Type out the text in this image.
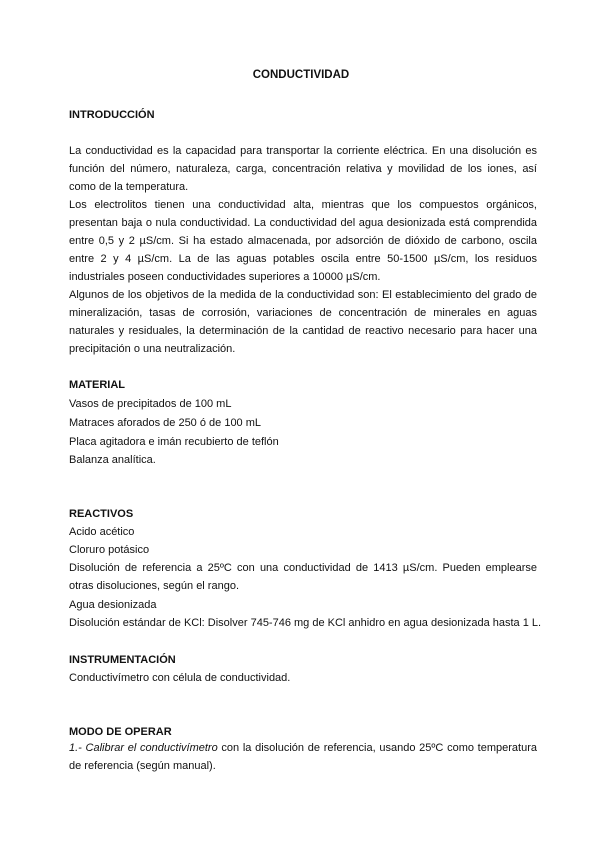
CONDUCTIVIDAD
INTRODUCCIÓN

La conductividad es la capacidad para transportar la corriente eléctrica. En una disolución es función del número, naturaleza, carga, concentración relativa y movilidad de los iones, así como de la temperatura.

Los electrolitos tienen una conductividad alta, mientras que los compuestos orgánicos, presentan baja o nula conductividad. La conductividad del agua desionizada está comprendida entre 0,5 y 2 µS/cm. Si ha estado almacenada, por adsorción de dióxido de carbono, oscila entre 2 y 4 µS/cm. La de las aguas potables oscila entre 50-1500 µS/cm, los residuos industriales poseen conductividades superiores a 10000 µS/cm.

Algunos de los objetivos de la medida de la conductividad son: El establecimiento del grado de mineralización, tasas de corrosión, variaciones de concentración de minerales en aguas naturales y residuales, la determinación de la cantidad de reactivo necesario para hacer una precipitación o una neutralización.

MATERIAL
Vasos de precipitados de 100 mL
Matraces aforados de 250 ó de 100 mL
Placa agitadora e imán recubierto de teflón
Balanza analítica.
REACTIVOS
Acido acético
Cloruro potásico

Disolución de referencia a 25ºC con una conductividad de 1413 µS/cm. Pueden emplearse otras disoluciones, según el rango.

Agua desionizada
Disolución estándar de KCl: Disolver 745-746 mg de KCl anhidro en agua desionizada hasta 1 L.
INSTRUMENTACIÓN
Conductivímetro con célula de conductividad.
MODO DE OPERAR

1.- Calibrar el conductivímetro con la disolución de referencia, usando 25ºC como temperatura de referencia (según manual).
